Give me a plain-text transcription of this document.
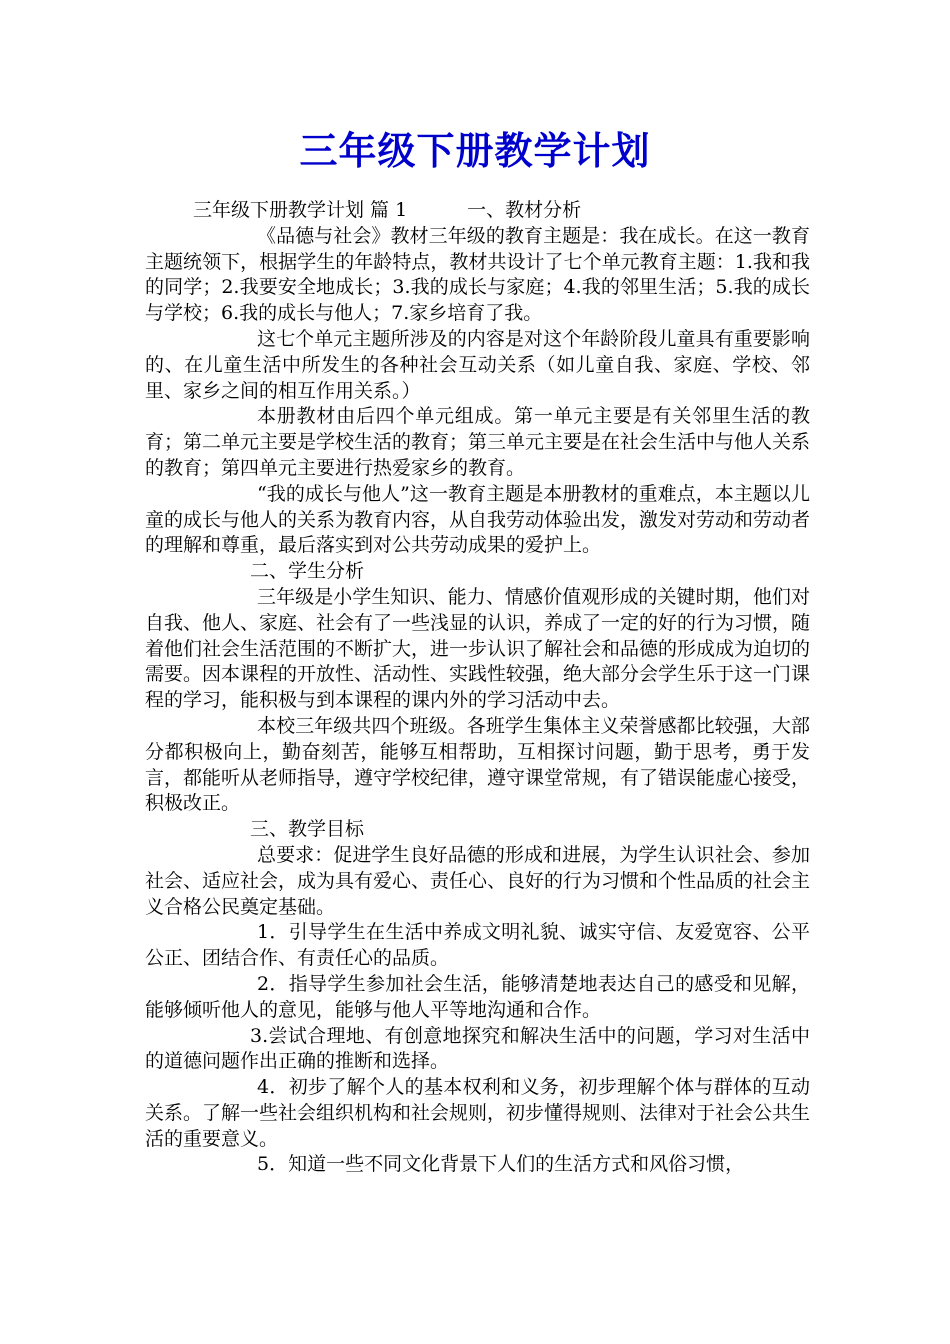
三年级下册教学计划

三年级下册教学计划 篇 1	一、教材分析

《品德与社会》教材三年级的教育主题是：我在成长。在这一教育主题统领下，根据学生的年龄特点，教材共设计了七个单元教育主题：1.我和我的同学；2.我要安全地成长；3.我的成长与家庭；4.我的邻里生活；5.我的成长与学校；6.我的成长与他人；7.家乡培育了我。

这七个单元主题所涉及的内容是对这个年龄阶段儿童具有重要影响的、在儿童生活中所发生的各种社会互动关系（如儿童自我、家庭、学校、邻里、家乡之间的相互作用关系。）

本册教材由后四个单元组成。第一单元主要是有关邻里生活的教育；第二单元主要是学校生活的教育；第三单元主要是在社会生活中与他人关系的教育；第四单元主要进行热爱家乡的教育。

“我的成长与他人”这一教育主题是本册教材的重难点，本主题以儿童的成长与他人的关系为教育内容，从自我劳动体验出发，激发对劳动和劳动者的理解和尊重，最后落实到对公共劳动成果的爱护上。

二、学生分析

三年级是小学生知识、能力、情感价值观形成的关键时期，他们对自我、他人、家庭、社会有了一些浅显的认识，养成了一定的好的行为习惯，随着他们社会生活范围的不断扩大，进一步认识了解社会和品德的形成成为迫切的需要。因本课程的开放性、活动性、实践性较强，绝大部分会学生乐于这一门课程的学习，能积极与到本课程的课内外的学习活动中去。

本校三年级共四个班级。各班学生集体主义荣誉感都比较强，大部分都积极向上，勤奋刻苦，能够互相帮助，互相探讨问题，勤于思考，勇于发言，都能听从老师指导，遵守学校纪律，遵守课堂常规，有了错误能虚心接受，积极改正。

三、教学目标

总要求：促进学生良好品德的形成和进展，为学生认识社会、参加社会、适应社会，成为具有爱心、责任心、良好的行为习惯和个性品质的社会主义合格公民奠定基础。

1．引导学生在生活中养成文明礼貌、诚实守信、友爱宽容、公平公正、团结合作、有责任心的品质。

2．指导学生参加社会生活，能够清楚地表达自己的感受和见解，能够倾听他人的意见，能够与他人平等地沟通和合作。

3.尝试合理地、有创意地探究和解决生活中的问题，学习对生活中的道德问题作出正确的推断和选择。

4．初步了解个人的基本权利和义务，初步理解个体与群体的互动关系。了解一些社会组织机构和社会规则，初步懂得规则、法律对于社会公共生活的重要意义。

5．知道一些不同文化背景下人们的生活方式和风俗习惯，
